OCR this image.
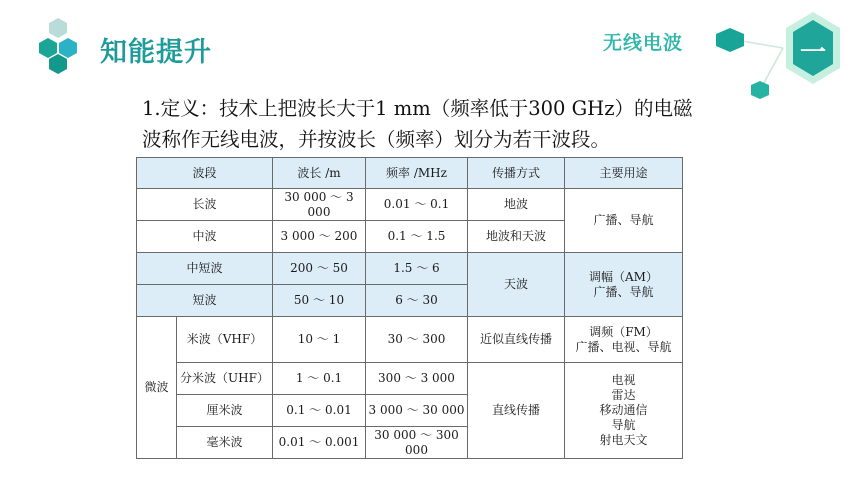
知能提升	无线电波	一
1.定义：技术上把波长大于1 mm（频率低于300 GHz）的电磁
波称作无线电波，并按波长（频率）划分为若干波段。
波段		波长 /m	频率 /MHz	传播方式	主要用途
长波		30 000 ～ 3 000	0.01 ～ 0.1	地波	广播、导航
中波		3 000 ～ 200	0.1 ～ 1.5	地波和天波	
中短波		200 ～ 50	1.5 ～ 6	天波	调幅（AM）
广播、导航

短波		50 ～ 10	6 ～ 30		
微波	米波（VHF）	10 ～ 1	30 ～ 300	近似直线传播	调频（FM）
广播、电视、导航

	分米波（UHF）	1 ～ 0.1	300 ～ 3 000	直线传播	电视
雷达
移动通信
导航
射电天文

	厘米波	0.1 ～ 0.01	3 000 ～ 30 000		
	毫米波	0.01 ～ 0.001	30 000 ～ 300 000		
